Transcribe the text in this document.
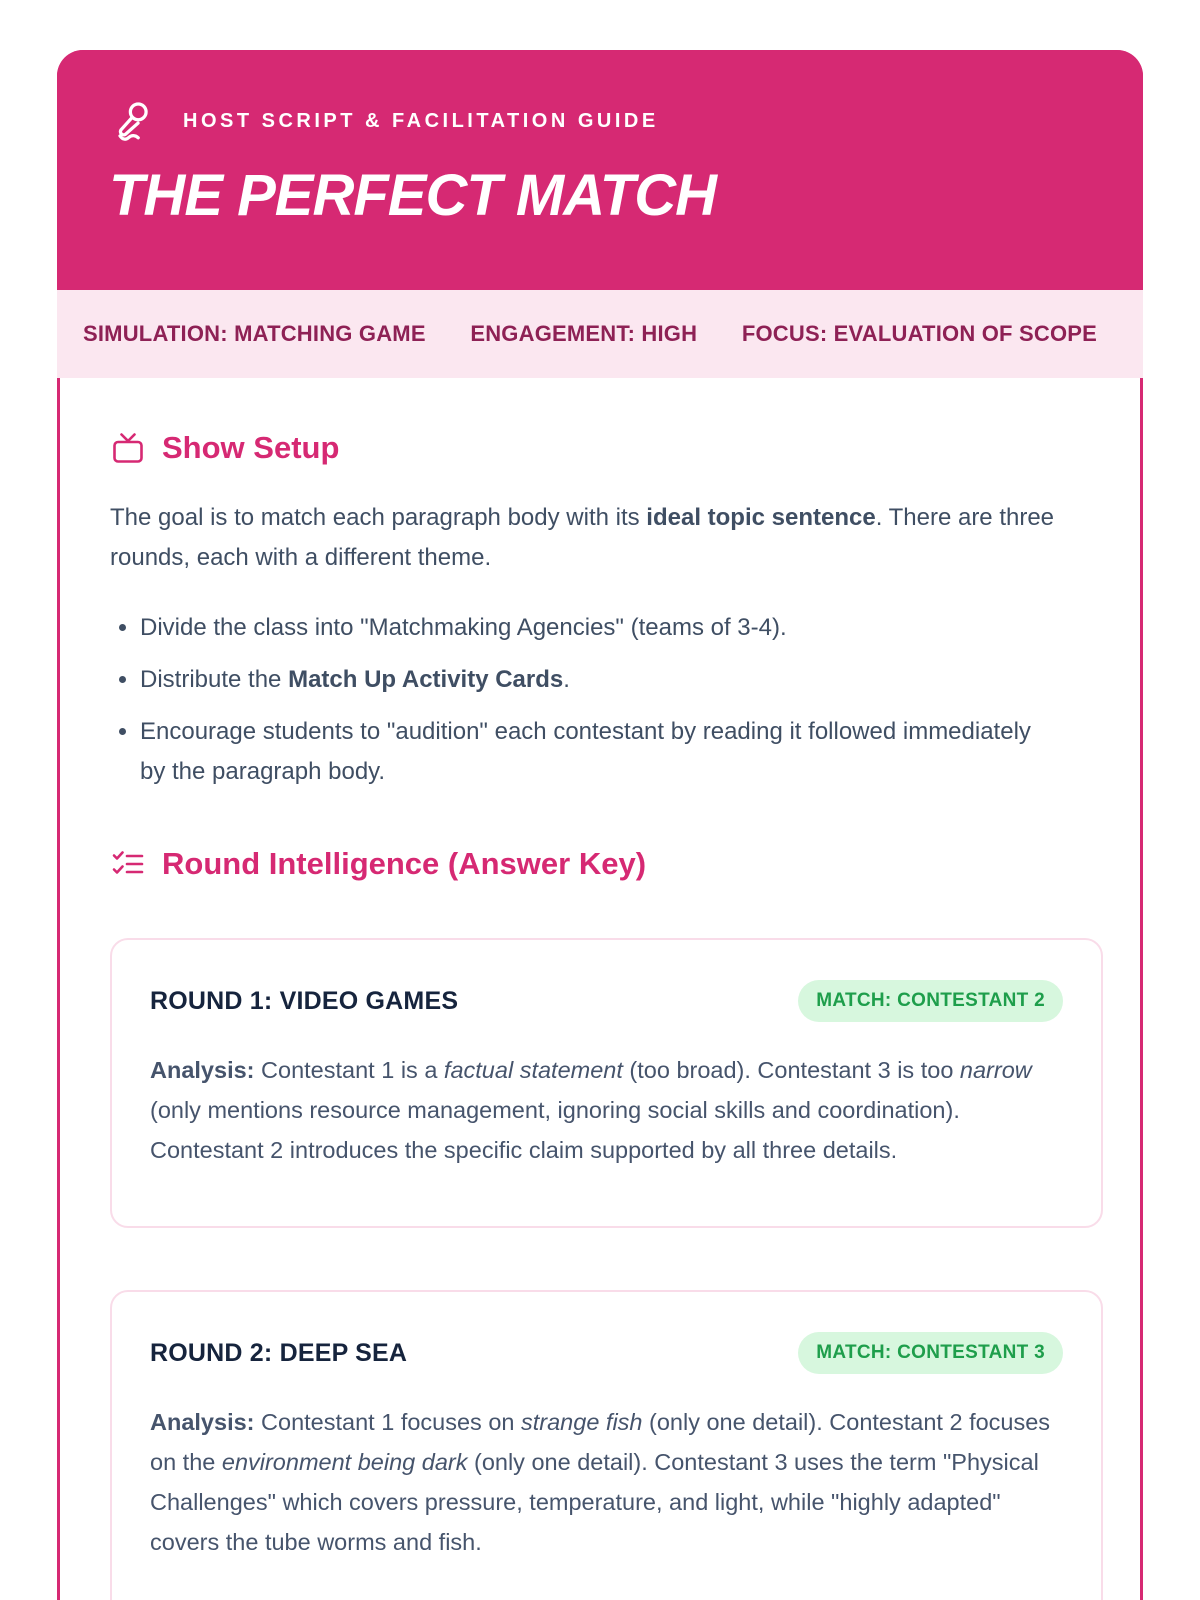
HOST SCRIPT & FACILITATION GUIDE
THE PERFECT MATCH
SIMULATION: MATCHING GAME ENGAGEMENT: HIGH FOCUS: EVALUATION OF SCOPE
Show Setup

The goal is to match each paragraph body with its ideal topic sentence. There are three rounds, each with a different theme.

• Divide the class into "Matchmaking Agencies" (teams of 3-4).
• Distribute the Match Up Activity Cards.
• Encourage students to "audition" each contestant by reading it followed immediately by the paragraph body.
Round Intelligence (Answer Key)
ROUND 1: VIDEO GAMES	MATCH: CONTESTANT 2

Analysis: Contestant 1 is a factual statement (too broad). Contestant 3 is too narrow (only mentions resource management, ignoring social skills and coordination). Contestant 2 introduces the specific claim supported by all three details.

ROUND 2: DEEP SEA	MATCH: CONTESTANT 3

Analysis: Contestant 1 focuses on strange fish (only one detail). Contestant 2 focuses on the environment being dark (only one detail). Contestant 3 uses the term "Physical Challenges" which covers pressure, temperature, and light, while "highly adapted" covers the tube worms and fish.
